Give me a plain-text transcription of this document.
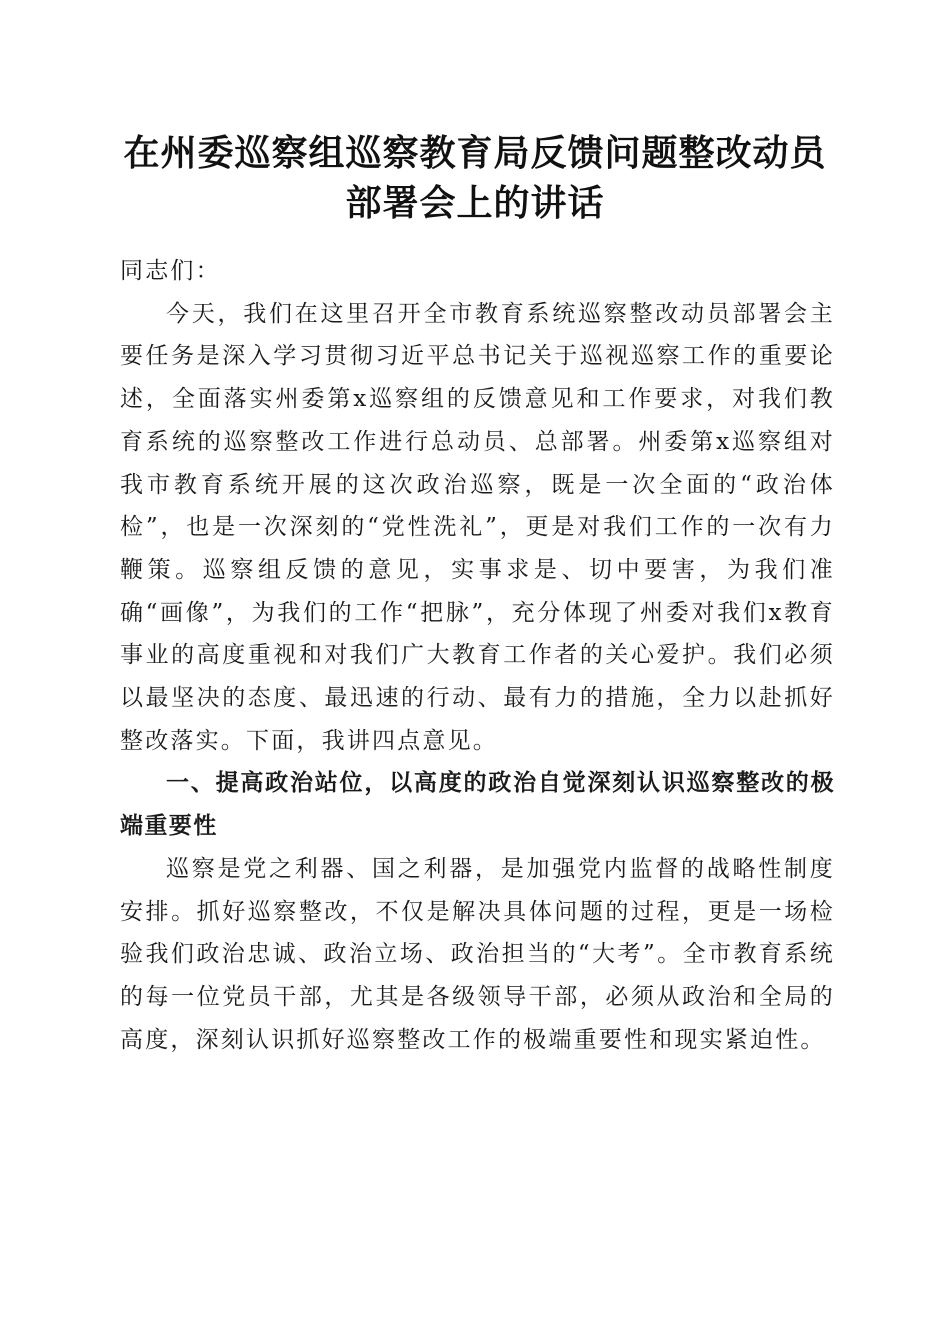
在州委巡察组巡察教育局反馈问题整改动员部署会上的讲话

同志们：

今天，我们在这里召开全市教育系统巡察整改动员部署会主要任务是深入学习贯彻习近平总书记关于巡视巡察工作的重要论述，全面落实州委第x巡察组的反馈意见和工作要求，对我们教育系统的巡察整改工作进行总动员、总部署。州委第x巡察组对我市教育系统开展的这次政治巡察，既是一次全面的“政治体检”，也是一次深刻的“党性洗礼”，更是对我们工作的一次有力鞭策。巡察组反馈的意见，实事求是、切中要害，为我们准确“画像”，为我们的工作“把脉”，充分体现了州委对我们x教育事业的高度重视和对我们广大教育工作者的关心爱护。我们必须以最坚决的态度、最迅速的行动、最有力的措施，全力以赴抓好整改落实。下面，我讲四点意见。

一、提高政治站位，以高度的政治自觉深刻认识巡察整改的极端重要性

巡察是党之利器、国之利器，是加强党内监督的战略性制度安排。抓好巡察整改，不仅是解决具体问题的过程，更是一场检验我们政治忠诚、政治立场、政治担当的“大考”。全市教育系统的每一位党员干部，尤其是各级领导干部，必须从政治和全局的高度，深刻认识抓好巡察整改工作的极端重要性和现实紧迫性。
